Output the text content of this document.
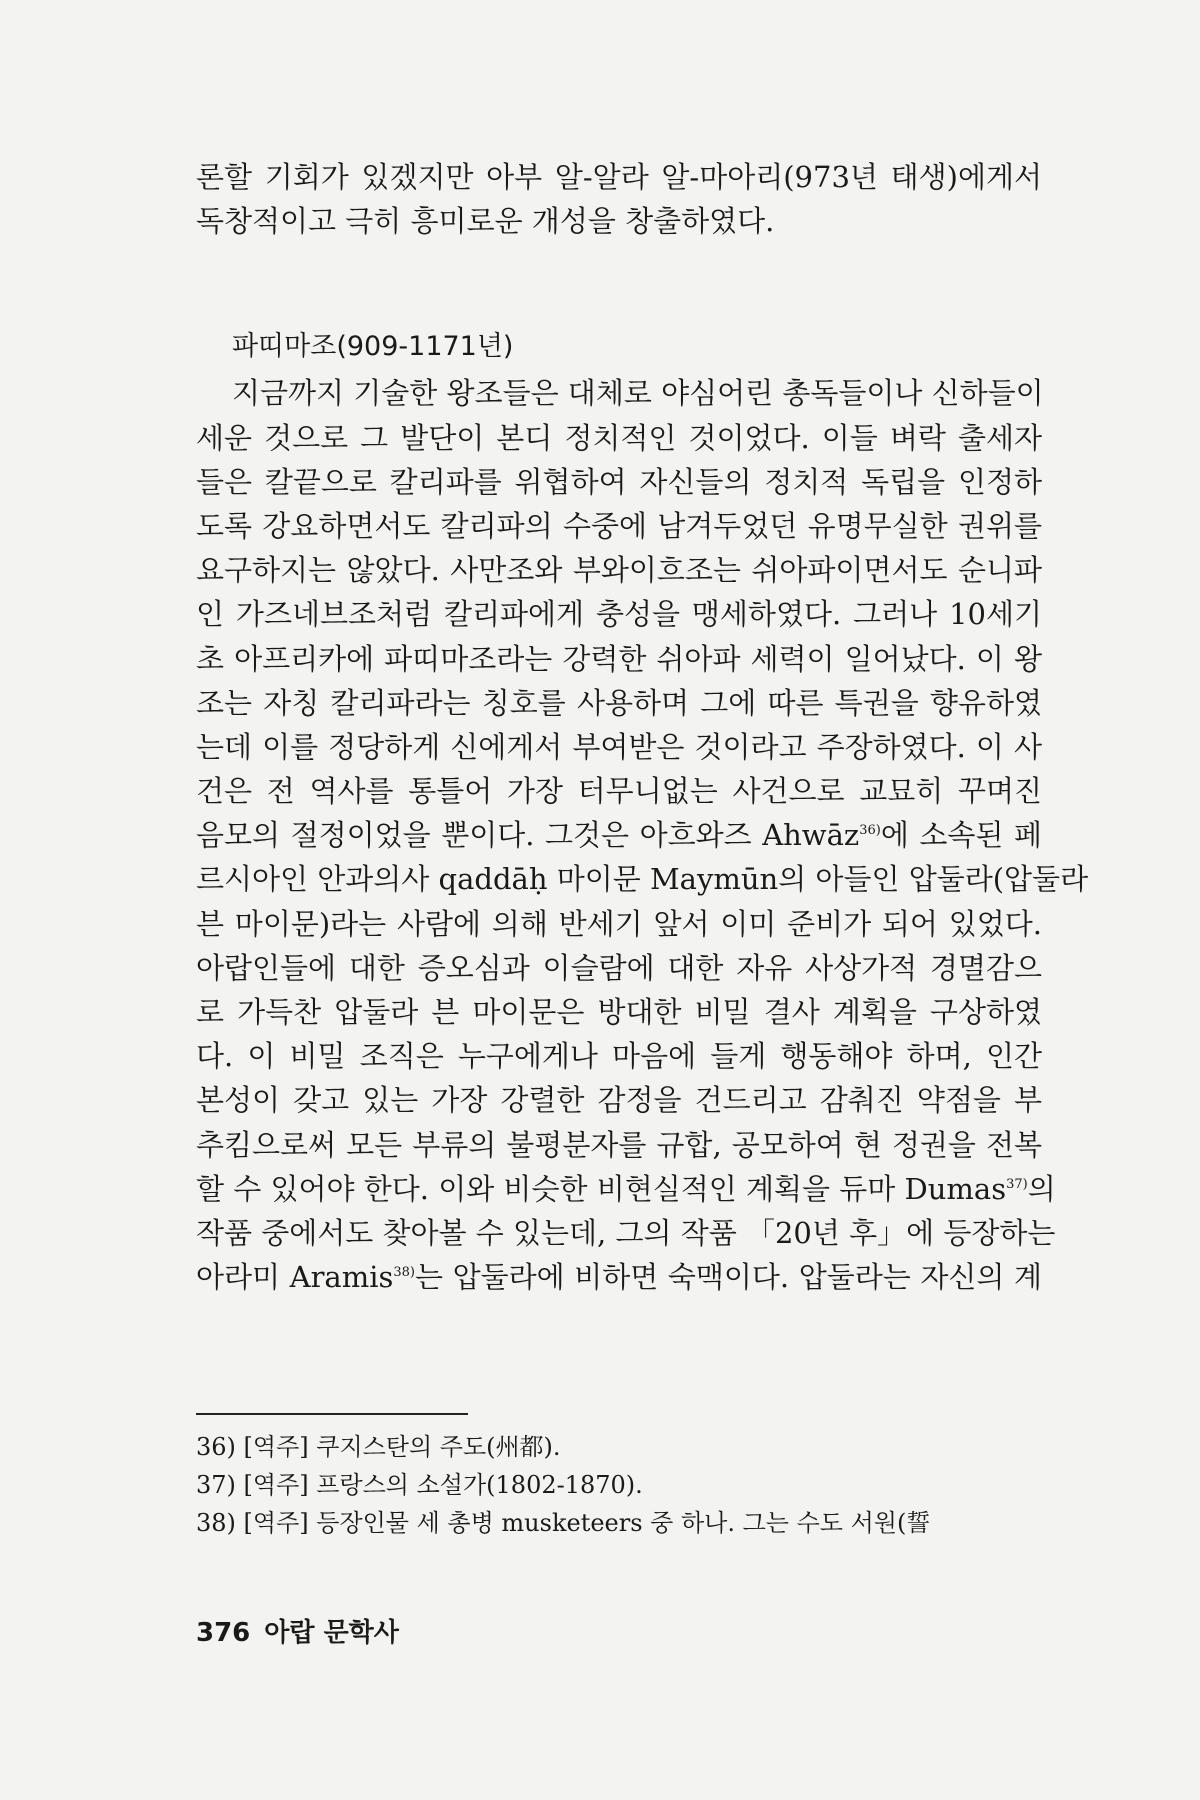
론할 기회가 있겠지만 아부 알-알라 알-마아리(973년 태생)에게서
독창적이고 극히 흥미로운 개성을 창출하였다.
파띠마조(909-1171년)
지금까지 기술한 왕조들은 대체로 야심어린 총독들이나 신하들이
세운 것으로 그 발단이 본디 정치적인 것이었다. 이들 벼락 출세자
들은 칼끝으로 칼리파를 위협하여 자신들의 정치적 독립을 인정하
도록 강요하면서도 칼리파의 수중에 남겨두었던 유명무실한 권위를
요구하지는 않았다. 사만조와 부와이흐조는 쉬아파이면서도 순니파
인 가즈네브조처럼 칼리파에게 충성을 맹세하였다. 그러나 10세기
초 아프리카에 파띠마조라는 강력한 쉬아파 세력이 일어났다. 이 왕
조는 자칭 칼리파라는 칭호를 사용하며 그에 따른 특권을 향유하였
는데 이를 정당하게 신에게서 부여받은 것이라고 주장하였다. 이 사
건은 전 역사를 통틀어 가장 터무니없는 사건으로 교묘히 꾸며진
음모의 절정이었을 뿐이다. 그것은 아흐와즈 Ahwāz$^{36)}$에 소속된 페
르시아인 안과의사 qaddāḥ 마이문 Maymūn의 아들인 압둘라(압둘라
븐 마이문)라는 사람에 의해 반세기 앞서 이미 준비가 되어 있었다.
아랍인들에 대한 증오심과 이슬람에 대한 자유 사상가적 경멸감으
로 가득찬 압둘라 븐 마이문은 방대한 비밀 결사 계획을 구상하였
다. 이 비밀 조직은 누구에게나 마음에 들게 행동해야 하며, 인간
본성이 갖고 있는 가장 강렬한 감정을 건드리고 감춰진 약점을 부
추킴으로써 모든 부류의 불평분자를 규합, 공모하여 현 정권을 전복
할 수 있어야 한다. 이와 비슷한 비현실적인 계획을 듀마 Dumas$^{37)}$의
작품 중에서도 찾아볼 수 있는데, 그의 작품 「20년 후」에 등장하는
아라미 Aramis$^{38)}$는 압둘라에 비하면 숙맥이다. 압둘라는 자신의 계
36) [역주] 쿠지스탄의 주도(州都).
37) [역주] 프랑스의 소설가(1802-1870).
38) [역주] 등장인물 세 총병 musketeers 중 하나. 그는 수도 서원(誓
376 아랍 문학사
